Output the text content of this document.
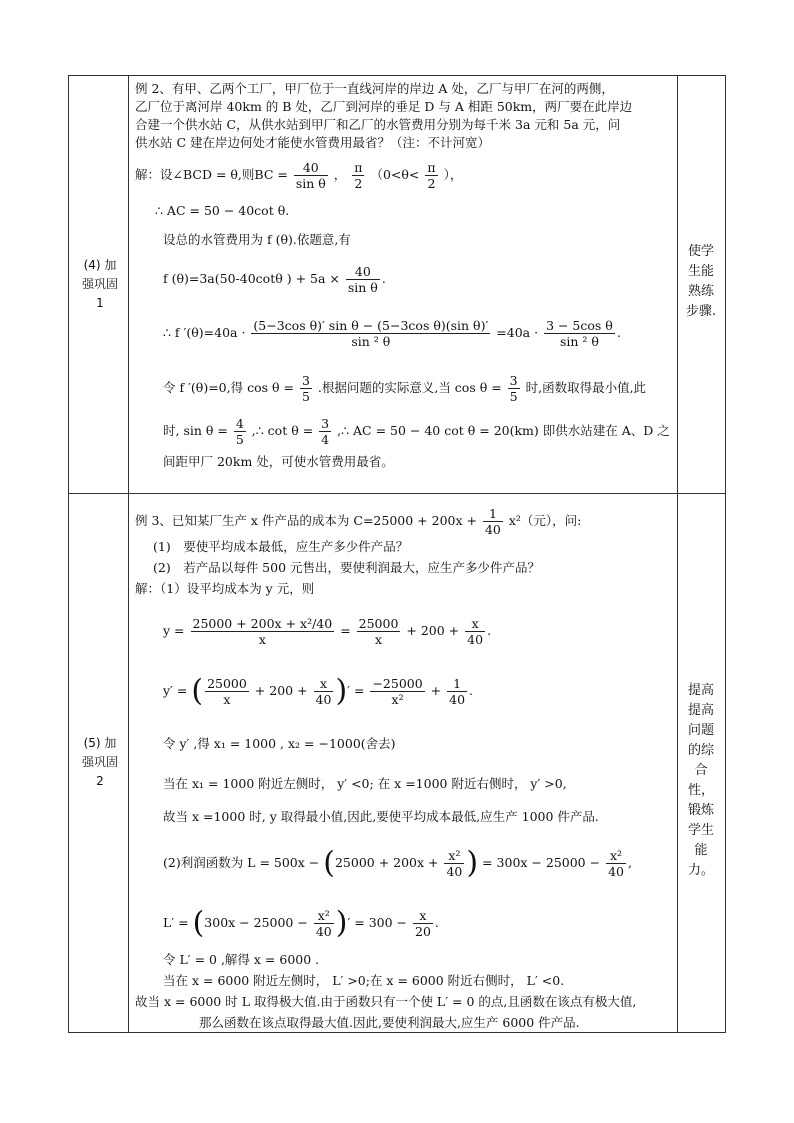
(4) 加
强巩固
1
使学
生能
熟练
步骤.
例 2、有甲、乙两个工厂，甲厂位于一直线河岸的岸边 A 处，乙厂与甲厂在河的两侧，
乙厂位于离河岸 40km 的 B 处，乙厂到河岸的垂足 D 与 A 相距 50km，两厂要在此岸边
合建一个供水站 C，从供水站到甲厂和乙厂的水管费用分别为每千米 3a 元和 5a 元，问
供水站 C 建在岸边何处才能使水管费用最省？（注：不计河宽）
解：设∠BCD = θ,则BC = $\frac{40}{\text{sin θ}}$ ， $\frac{\pi}{2} (0<\theta< \frac{\pi}{2}$ ），
∴ AC = 50 − 40cot θ.
设总的水管费用为 f (θ).依题意,有
f (θ)=3a(50-40cotθ ) + $5a \times \frac{40}{\text{sin θ}}$ .
∴ f $'(\theta)=40a \cdot \frac{\text{(5−3cos θ)′ sin θ − (5−3cos θ)(sin θ)′}}{\text{sin ² θ}} =40a \cdot \frac{\text{3 − 5cos θ}}{\text{sin ² θ}}$ .
令 f ′(θ)=0,得 $\cos \theta = \frac{3}{5}$ .根据问题的实际意义,当 $\cos \theta = \frac{3}{5}$ 时,函数取得最小值,此
时, $\sin \theta = \frac{4}{5}$ ,∴ $\cot \theta = \frac{3}{4}$ ,∴ AC = 50 − 40 cot θ = 20(km) 即供水站建在 A、D 之
间距甲厂 20km 处，可使水管费用最省。
(5) 加
强巩固
2
提高
提高
问题
的综
合性，
锻炼
学生
能力。
例 3、已知某厂生产 x 件产品的成本为 $C=25000 + 200x + \frac{1}{40} x^2$（元），问:
(1)　要使平均成本最低，应生产多少件产品？
(2)　若产品以每件 500 元售出，要使利润最大，应生产多少件产品？
解：（1）设平均成本为 y 元，则
$y = \frac{\text{25000 + 200x + x²/40}}{x} = \frac{25000}{x} + 200 + \frac{x}{40}$ .
y′ = ( $\frac{25000}{x} + 200 + \frac{x}{40}$ )′ = $\frac{-25000}{\text{x²}} + \frac{1}{40}$ .
令 y′ ,得 x₁ = 1000 , x₂ = −1000(舍去)
当在 x₁ = 1000 附近左侧时， y′ <0; 在 x =1000 附近右侧时， y′ >0,
故当 x =1000 时, y 取得最小值,因此,要使平均成本最低,应生产 1000 件产品.
(2)利润函数为 $L = 500x - (25000 + 200x + \frac{\text{x²}}{40}$ ) = $300x - 25000 - \frac{\text{x²}}{40}$ ,
$L' = (300x - 25000 - \frac{\text{x²}}{40}$ )′ = $300 - \frac{x}{20}$ .
令 L′ = 0 ,解得 x = 6000 .
当在 x = 6000 附近左侧时， L′ >0;在 x = 6000 附近右侧时， L′ <0.
故当 x = 6000 时 L 取得极大值.由于函数只有一个使 L′ = 0 的点,且函数在该点有极大值,
那么函数在该点取得最大值.因此,要使利润最大,应生产 6000 件产品.
